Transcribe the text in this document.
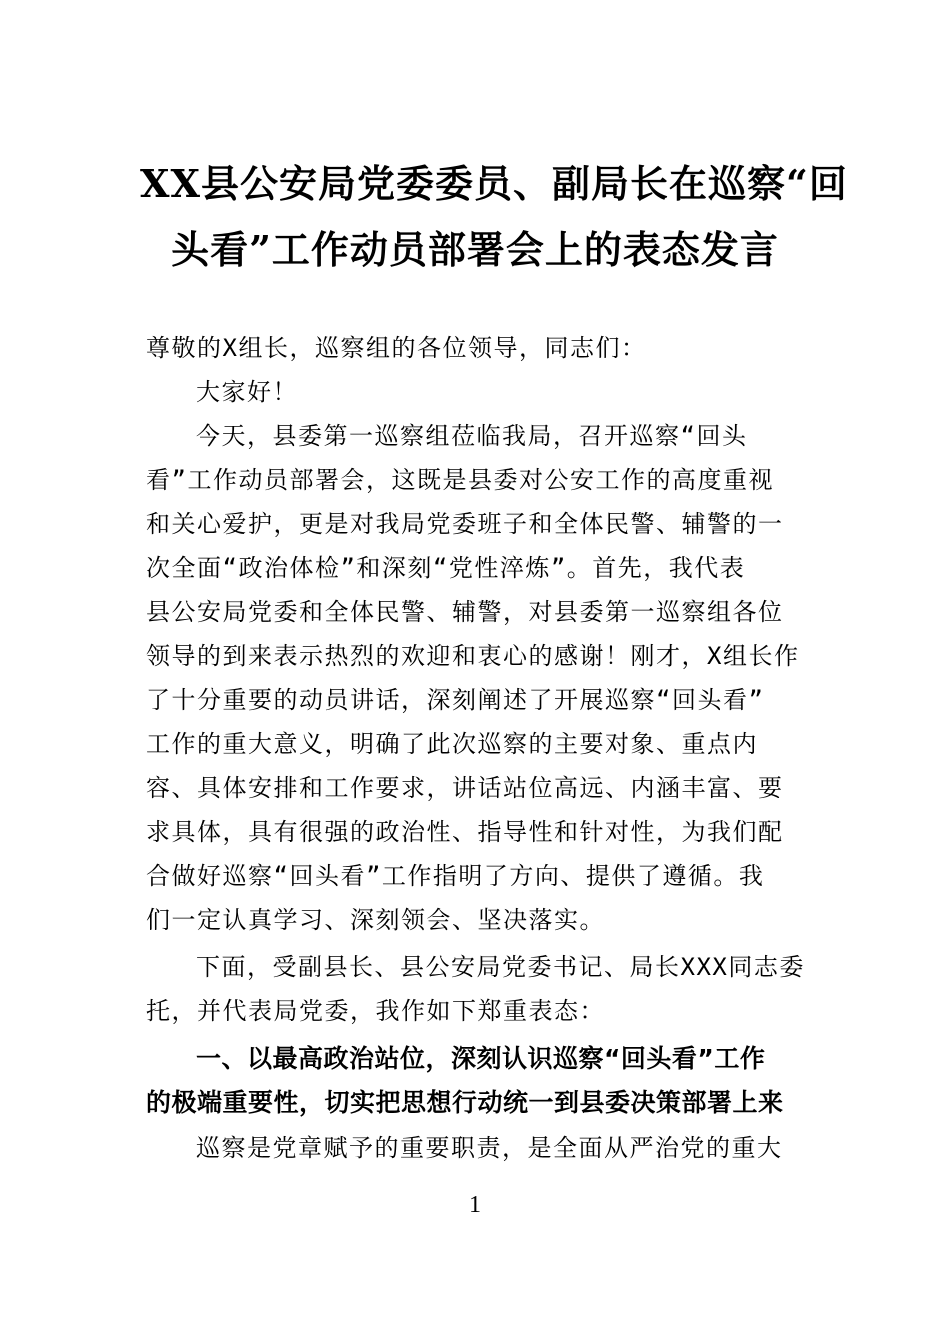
XX县公安局党委委员、副局长在巡察“回
头看”工作动员部署会上的表态发言
尊敬的X组长，巡察组的各位领导，同志们：
大家好！
今天，县委第一巡察组莅临我局，召开巡察“回头
看”工作动员部署会，这既是县委对公安工作的高度重视
和关心爱护，更是对我局党委班子和全体民警、辅警的一
次全面“政治体检”和深刻“党性淬炼”。首先，我代表
县公安局党委和全体民警、辅警，对县委第一巡察组各位
领导的到来表示热烈的欢迎和衷心的感谢！刚才，X组长作
了十分重要的动员讲话，深刻阐述了开展巡察“回头看”
工作的重大意义，明确了此次巡察的主要对象、重点内
容、具体安排和工作要求，讲话站位高远、内涵丰富、要
求具体，具有很强的政治性、指导性和针对性，为我们配
合做好巡察“回头看”工作指明了方向、提供了遵循。我
们一定认真学习、深刻领会、坚决落实。
下面，受副县长、县公安局党委书记、局长XXX同志委
托，并代表局党委，我作如下郑重表态：
一、以最高政治站位，深刻认识巡察“回头看”工作
的极端重要性，切实把思想行动统一到县委决策部署上来
巡察是党章赋予的重要职责，是全面从严治党的重大
1
